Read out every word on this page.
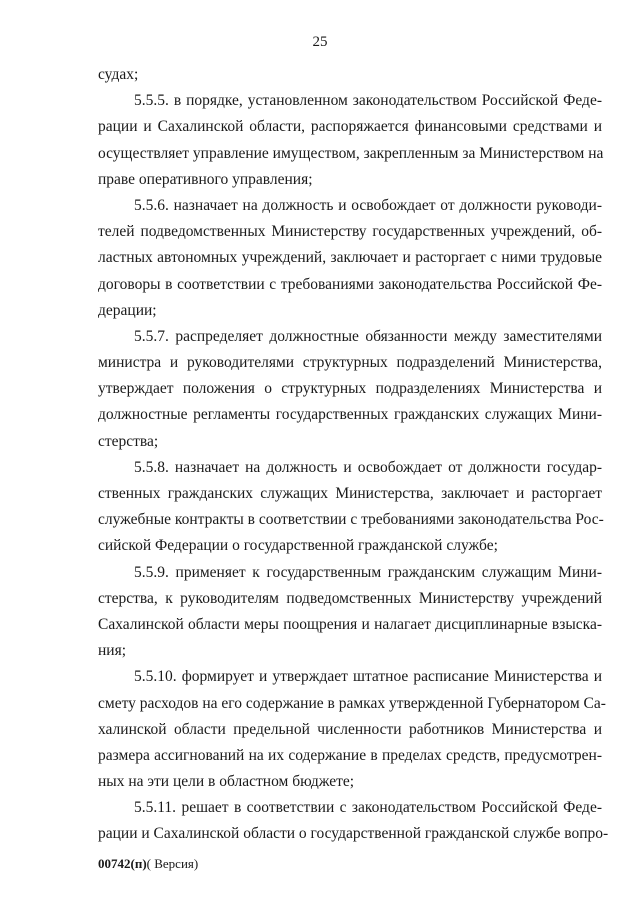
25
судах;
5.5.5. в порядке, установленном законодательством Российской Феде-
рации и Сахалинской области, распоряжается финансовыми средствами и
осуществляет управление имуществом, закрепленным за Министерством на
праве оперативного управления;
5.5.6. назначает на должность и освобождает от должности руководи-
телей подведомственных Министерству государственных учреждений, об-
ластных автономных учреждений, заключает и расторгает с ними трудовые
договоры в соответствии с требованиями законодательства Российской Фе-
дерации;
5.5.7. распределяет должностные обязанности между заместителями
министра и руководителями структурных подразделений Министерства,
утверждает положения о структурных подразделениях Министерства и
должностные регламенты государственных гражданских служащих Мини-
стерства;
5.5.8. назначает на должность и освобождает от должности государ-
ственных гражданских служащих Министерства, заключает и расторгает
служебные контракты в соответствии с требованиями законодательства Рос-
сийской Федерации о государственной гражданской службе;
5.5.9. применяет к государственным гражданским служащим Мини-
стерства, к руководителям подведомственных Министерству учреждений
Сахалинской области меры поощрения и налагает дисциплинарные взыска-
ния;
5.5.10. формирует и утверждает штатное расписание Министерства и
смету расходов на его содержание в рамках утвержденной Губернатором Са-
халинской области предельной численности работников Министерства и
размера ассигнований на их содержание в пределах средств, предусмотрен-
ных на эти цели в областном бюджете;
5.5.11. решает в соответствии с законодательством Российской Феде-
рации и Сахалинской области о государственной гражданской службе вопро-
00742(п)( Версия)
